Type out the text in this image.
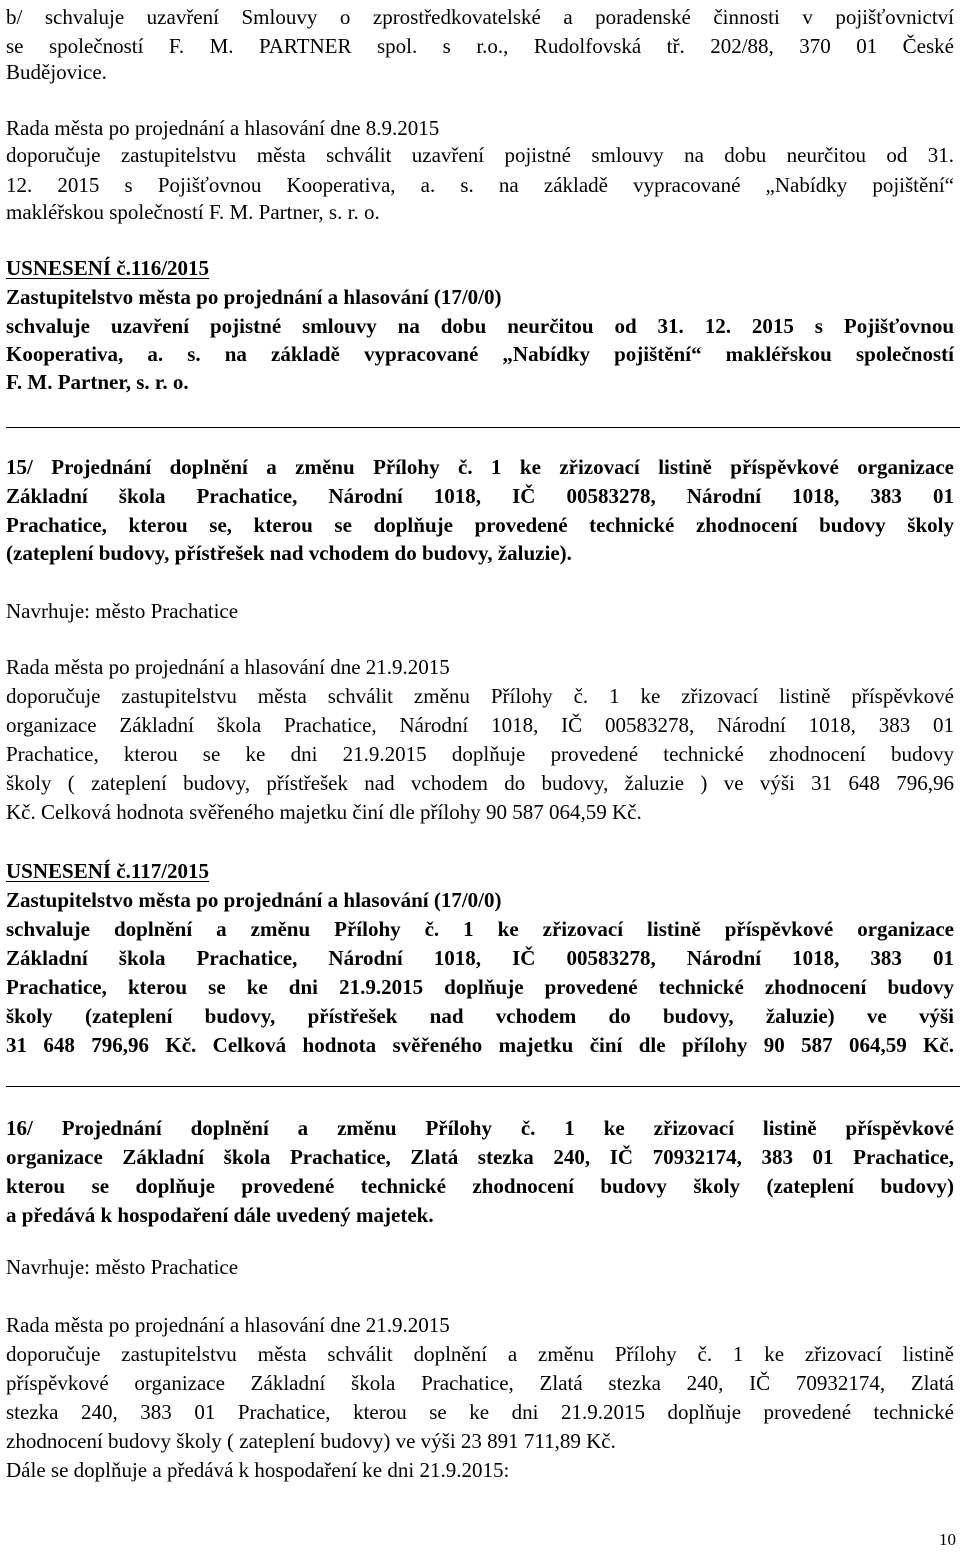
b/ schvaluje uzavření Smlouvy o zprostředkovatelské a poradenské činnosti v pojišťovnictví
se společností F. M. PARTNER spol. s r.o., Rudolfovská tř. 202/88, 370 01 České
Budějovice.
Rada města po projednání a hlasování dne 8.9.2015
doporučuje zastupitelstvu města schválit uzavření pojistné smlouvy na dobu neurčitou od 31.
12. 2015 s Pojišťovnou Kooperativa, a. s. na základě vypracované „Nabídky pojištění“
makléřskou společností F. M. Partner, s. r. o.
USNESENÍ č.116/2015
Zastupitelstvo města po projednání a hlasování (17/0/0)
schvaluje uzavření pojistné smlouvy na dobu neurčitou od 31. 12. 2015 s Pojišťovnou
Kooperativa, a. s. na základě vypracované „Nabídky pojištění“ makléřskou společností
F. M. Partner, s. r. o.
15/ Projednání doplnění a změnu Přílohy č. 1 ke zřizovací listině příspěvkové organizace
Základní škola Prachatice, Národní 1018, IČ 00583278, Národní 1018, 383 01
Prachatice, kterou se, kterou se doplňuje provedené technické zhodnocení budovy školy
(zateplení budovy, přístřešek nad vchodem do budovy, žaluzie).
Navrhuje: město Prachatice
Rada města po projednání a hlasování dne 21.9.2015
doporučuje zastupitelstvu města schválit změnu Přílohy č. 1 ke zřizovací listině příspěvkové
organizace Základní škola Prachatice, Národní 1018, IČ 00583278, Národní 1018, 383 01
Prachatice, kterou se ke dni 21.9.2015 doplňuje provedené technické zhodnocení budovy
školy ( zateplení budovy, přístřešek nad vchodem do budovy, žaluzie ) ve výši 31 648 796,96
Kč. Celková hodnota svěřeného majetku činí dle přílohy 90 587 064,59 Kč.
USNESENÍ č.117/2015
Zastupitelstvo města po projednání a hlasování (17/0/0)
schvaluje doplnění a změnu Přílohy č. 1 ke zřizovací listině příspěvkové organizace
Základní škola Prachatice, Národní 1018, IČ 00583278, Národní 1018, 383 01
Prachatice, kterou se ke dni 21.9.2015 doplňuje provedené technické zhodnocení budovy
školy (zateplení budovy, přístřešek nad vchodem do budovy, žaluzie) ve výši
31 648 796,96 Kč. Celková hodnota svěřeného majetku činí dle přílohy 90 587 064,59 Kč.
16/ Projednání doplnění a změnu Přílohy č. 1 ke zřizovací listině příspěvkové
organizace Základní škola Prachatice, Zlatá stezka 240, IČ 70932174, 383 01 Prachatice,
kterou se doplňuje provedené technické zhodnocení budovy školy (zateplení budovy)
a předává k hospodaření dále uvedený majetek.
Navrhuje: město Prachatice
Rada města po projednání a hlasování dne 21.9.2015
doporučuje zastupitelstvu města schválit doplnění a změnu Přílohy č. 1 ke zřizovací listině
příspěvkové organizace Základní škola Prachatice, Zlatá stezka 240, IČ 70932174, Zlatá
stezka 240, 383 01 Prachatice, kterou se ke dni 21.9.2015 doplňuje provedené technické
zhodnocení budovy školy ( zateplení budovy) ve výši 23 891 711,89 Kč.
Dále se doplňuje a předává k hospodaření ke dni 21.9.2015:
10
